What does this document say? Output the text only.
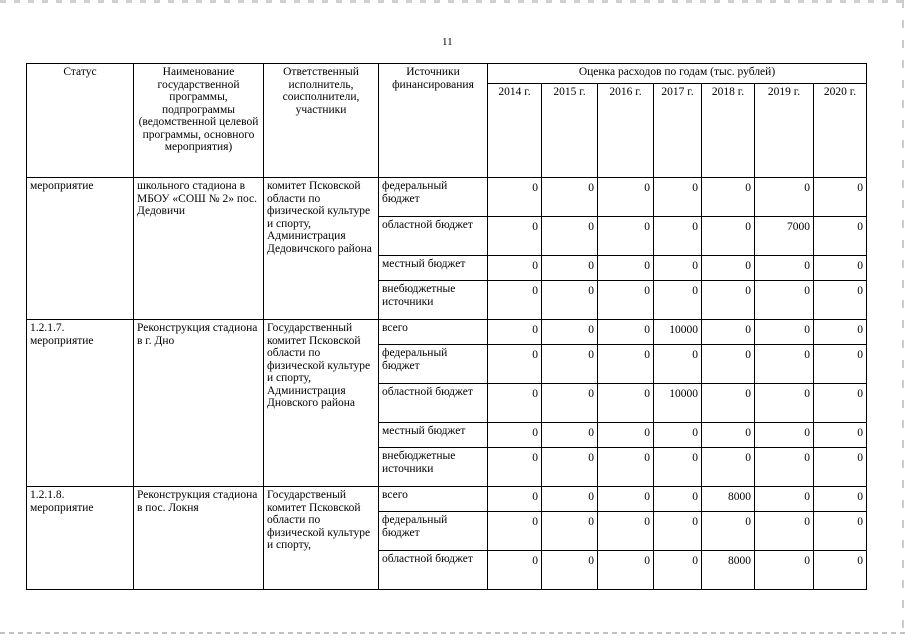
11
Статус	Наименование государственной программы, подпрограммы (ведомственной целевой программы, основного мероприятия)	Ответственный исполнитель, соисполнители, участники	Источники финансирования	Оценка расходов по годам (тыс. рублей)						
				2014 г.	2015 г.	2016 г.	2017 г.	2018 г.	2019 г.	2020 г.
мероприятие	школьного стадиона в МБОУ «СОШ № 2» пос. Дедовичи	комитет Псковской области по физической культуре и спорту, Администрация Дедовичского района	федеральный бюджет	0	0	0	0	0	0	0
			областной бюджет	0	0	0	0	0	7000	0
			местный бюджет	0	0	0	0	0	0	0
			внебюджетные источники	0	0	0	0	0	0	0
1.2.1.7. мероприятие	Реконструкция стадиона в г. Дно	Государственный комитет Псковской области по физической культуре и спорту, Администрация Дновского района	всего	0	0	0	10000	0	0	0
			федеральный бюджет	0	0	0	0	0	0	0
			областной бюджет	0	0	0	10000	0	0	0
			местный бюджет	0	0	0	0	0	0	0
			внебюджетные источники	0	0	0	0	0	0	0
1.2.1.8. мероприятие	Реконструкция стадиона в пос. Локня	Государственый комитет Псковской области по физической культуре и спорту,	всего	0	0	0	0	8000	0	0
			федеральный бюджет	0	0	0	0	0	0	0
			областной бюджет	0	0	0	0	8000	0	0
